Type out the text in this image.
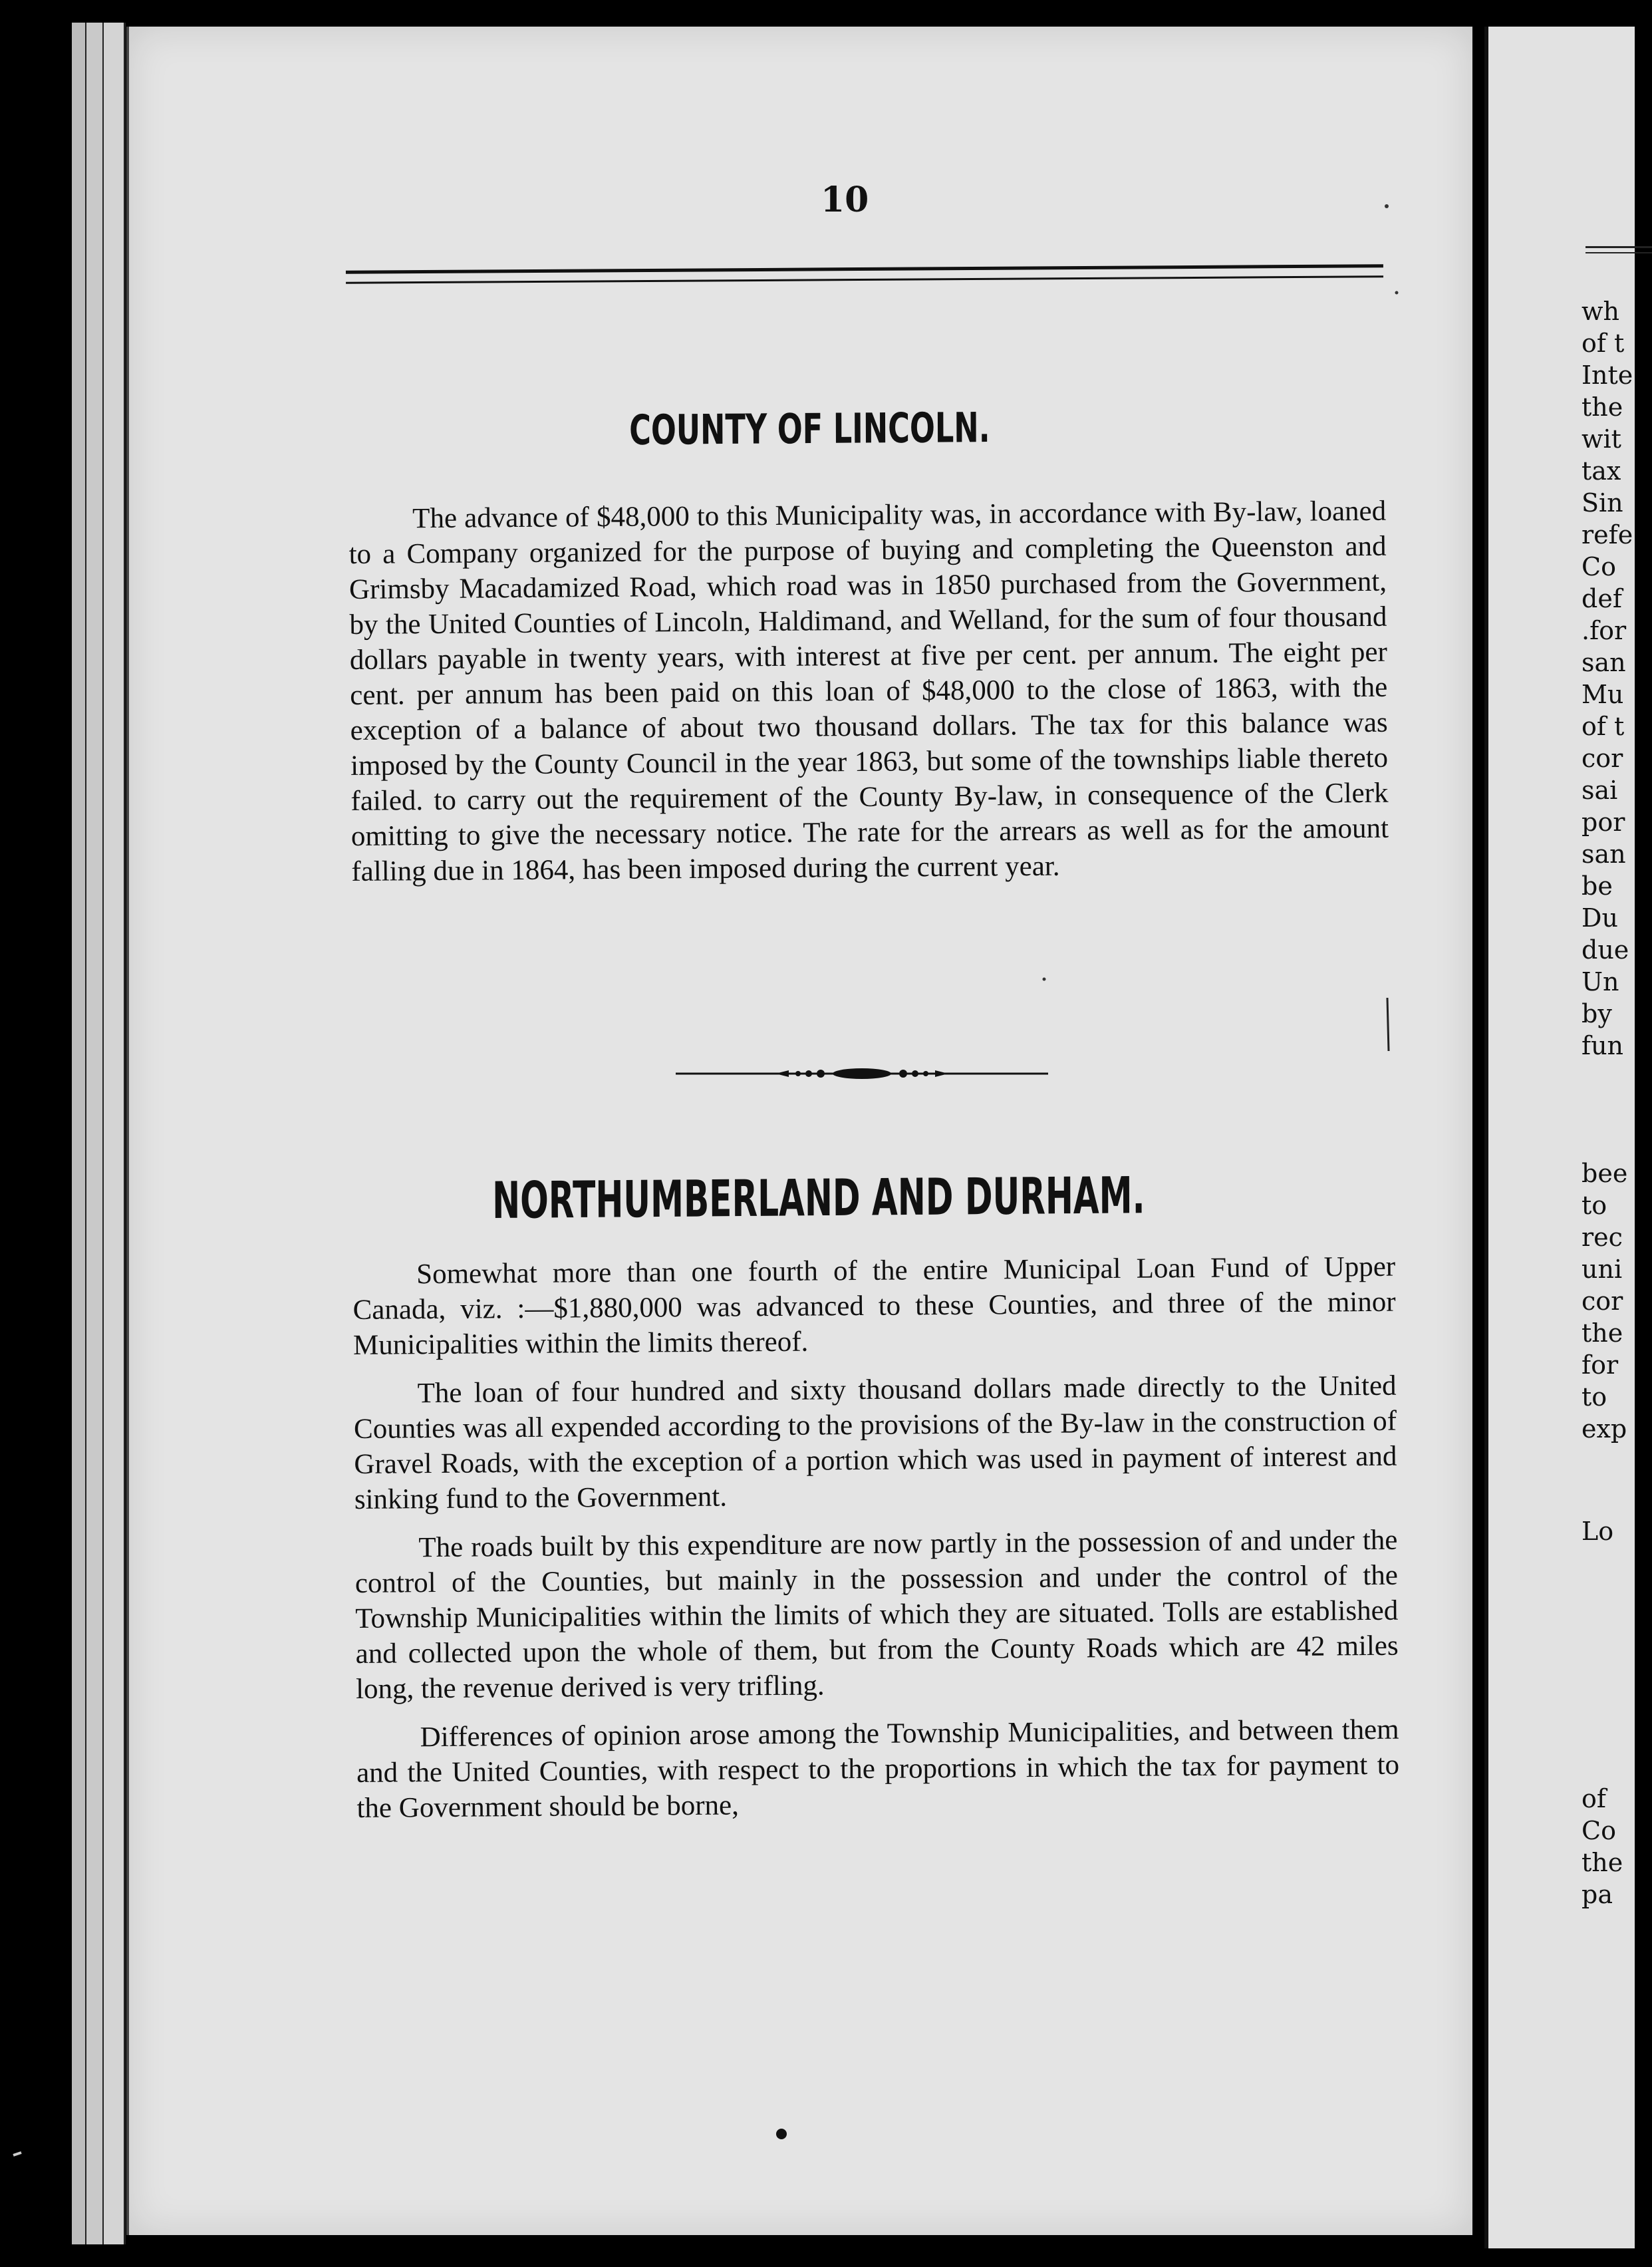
wh

of t

Inte

the

wit

tax

Sin

refe

Co

def

.for

san

Mu

of t

cor

sai

por

san

be

Du

due

Un

by

fun

bee

to

rec

uni

cor

the

for

to

exp

Lo

of

Co

the

pa

10
COUNTY OF LINCOLN.

The advance of $48,000 to this Municipality was, in accordance with By-law, loaned to a Company organized for the purpose of buying and completing the Queenston and Grimsby Macadamized Road, which road was in 1850 purchased from the Government, by the United Counties of Lincoln, Haldimand, and Welland, for the sum of four thousand dollars payable in twenty years, with interest at five per cent. per annum. The eight per cent. per annum has been paid on this loan of $48,000 to the close of 1863, with the exception of a balance of about two thousand dollars. The tax for this balance was imposed by the County Council in the year 1863, but some of the townships liable thereto failed. to carry out the requirement of the County By-law, in consequence of the Clerk omitting to give the necessary notice. The rate for the arrears as well as for the amount falling due in 1864, has been imposed during the current year.

NORTHUMBERLAND AND DURHAM.

Somewhat more than one fourth of the entire Municipal Loan Fund of Upper Canada, viz. :—$1,880,000 was advanced to these Counties, and three of the minor Municipalities within the limits thereof.

The loan of four hundred and sixty thousand dollars made directly to the United Counties was all expended according to the provisions of the By-law in the construction of Gravel Roads, with the exception of a portion which was used in payment of interest and sinking fund to the Government.

The roads built by this expenditure are now partly in the possession of and under the control of the Counties, but mainly in the possession and under the control of the Township Municipalities within the limits of which they are situated. Tolls are established and collected upon the whole of them, but from the County Roads which are 42 miles long, the revenue derived is very trifling.

Differences of opinion arose among the Township Municipalities, and between them and the United Counties, with respect to the proportions in which the tax for payment to the Government should be borne,
